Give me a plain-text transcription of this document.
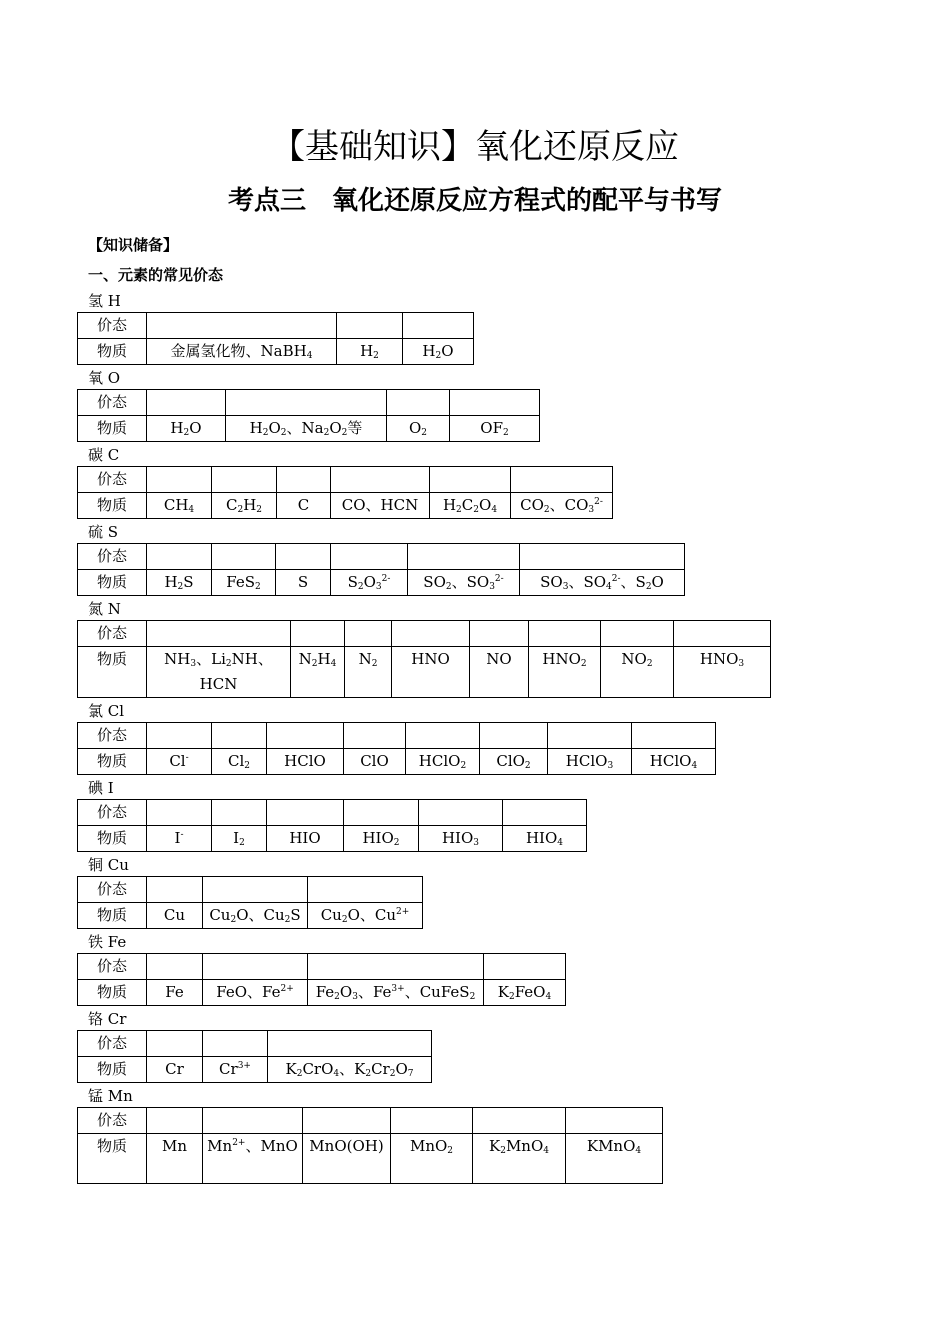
【基础知识】氧化还原反应
考点三　氧化还原反应方程式的配平与书写
【知识储备】
一、元素的常见价态
氢 H
价态			
物质	金属氢化物、NaBH$_4$	$H_2$	$H_2O$
氧 O
价态				
物质	$H_2O$	$H_2O_2$、$Na_2O_2$等	$O_2$	$OF_2$
碳 C
价态						
物质	$CH_4$	$C_2H_2$	C	CO、HCN	$H_2C_2O_4$	$CO_2$、$CO_3^{2-}$
硫 S
价态						
物质	$H_2S$	FeS$_2$	S	$S_2O_3^{2-}$	$SO_2$、$SO_3^{2-}$	$SO_3$、$SO_4^{2-}$、$S_2O$
氮 N
价态								
物质	$NH_3$、$Li_2NH$、HCN	$N_2H_4$	$N_2$	HNO	NO	$HNO_2$	$NO_2$	$HNO_3$
氯 Cl
价态								
物质	Cl-	$Cl_2$	HClO	ClO	HClO$_2$	ClO$_2$	HClO$_3$	HClO$_4$
碘 I
价态						
物质	I-	$I_2$	HIO	$HIO_2$	$HIO_3$	$HIO_4$
铜 Cu
价态			
物质	Cu	$Cu_2O$、$Cu_2S$	$Cu_2O$、$Cu^{2+}$
铁 Fe
价态				
物质	Fe	FeO、$Fe^{2+}$	$Fe_2O_3$、$Fe^{3+}$、CuFeS$_2$	$K_2FeO_4$
铬 Cr
价态			
物质	Cr	$Cr^{3+}$	$K_2CrO_4$、$K_2Cr_2O_7$
锰 Mn
价态						
物质	Mn	$Mn^{2+}$、MnO	MnO(OH)	MnO$_2$	$K_2MnO_4$	KMnO$_4$
